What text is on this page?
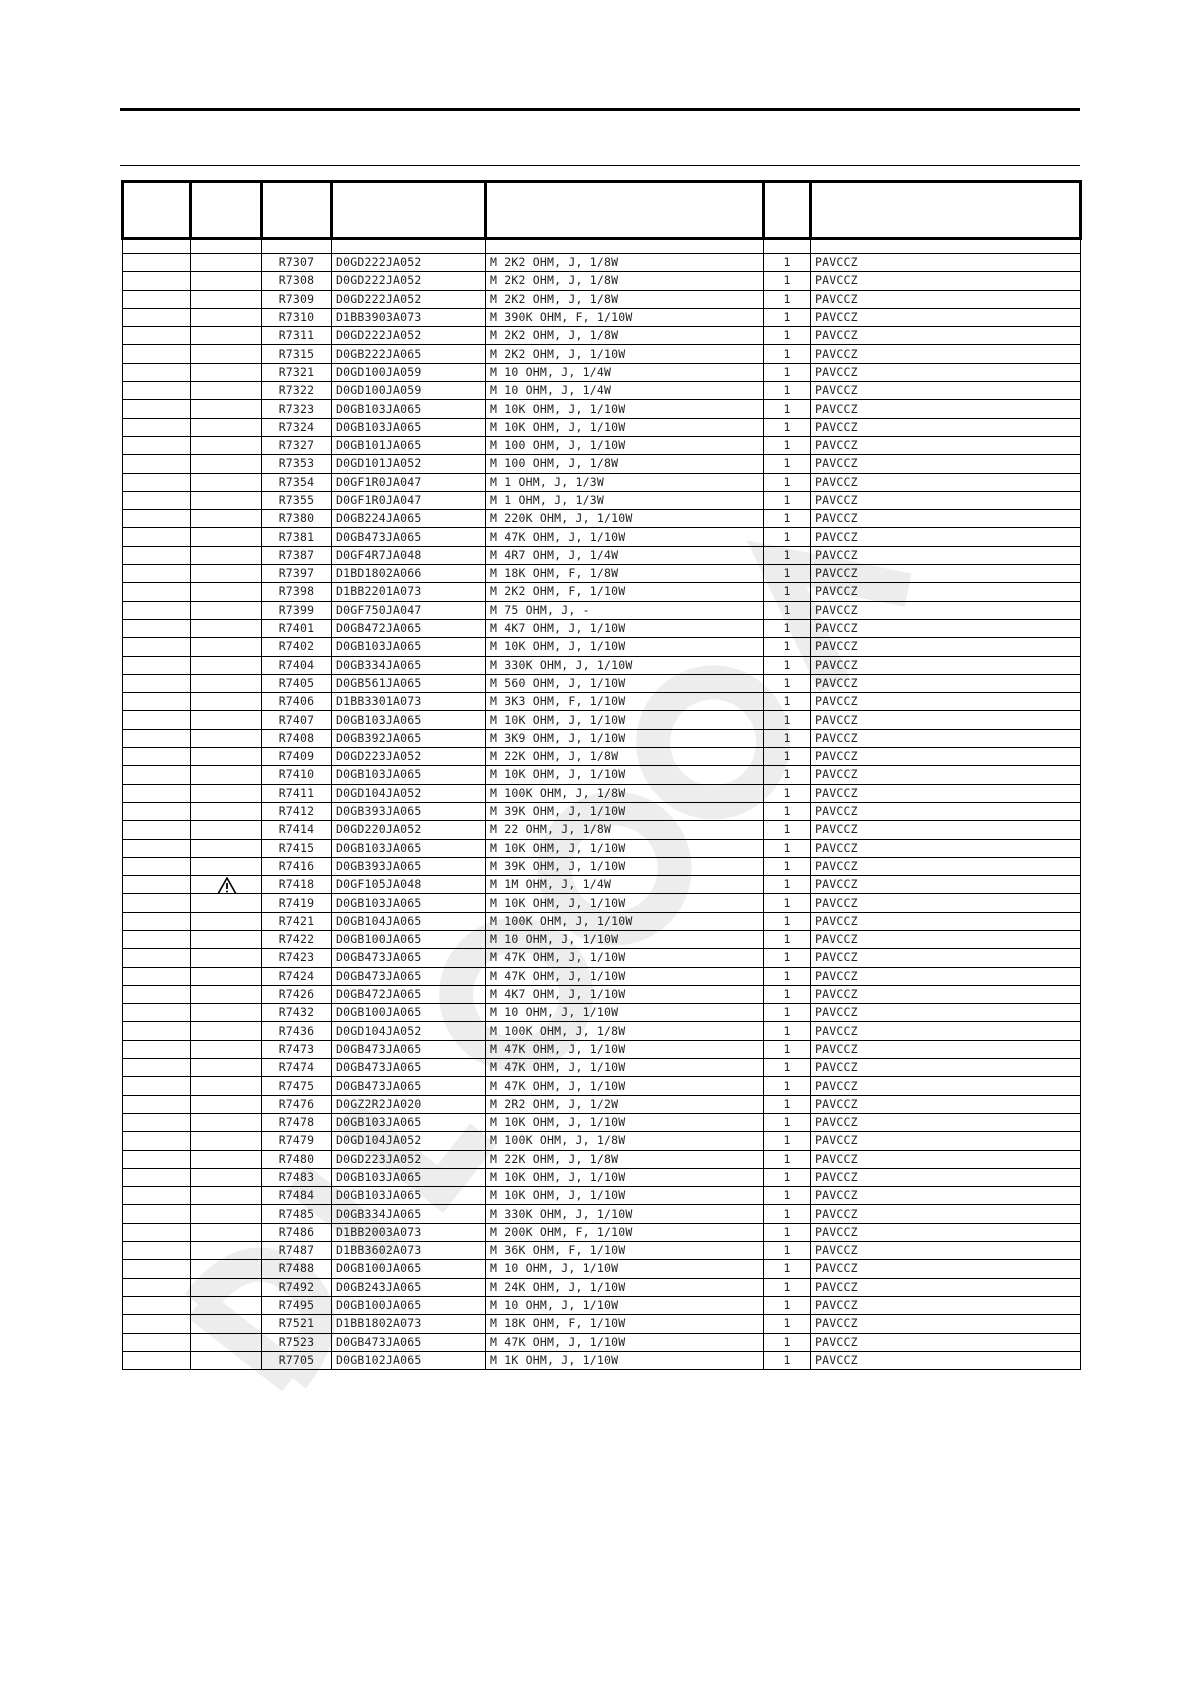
		R7307	D0GD222JA052	M 2K2 OHM, J, 1/8W	1	PAVCCZ
		R7308	D0GD222JA052	M 2K2 OHM, J, 1/8W	1	PAVCCZ
		R7309	D0GD222JA052	M 2K2 OHM, J, 1/8W	1	PAVCCZ
		R7310	D1BB3903A073	M 390K OHM, F, 1/10W	1	PAVCCZ
		R7311	D0GD222JA052	M 2K2 OHM, J, 1/8W	1	PAVCCZ
		R7315	D0GB222JA065	M 2K2 OHM, J, 1/10W	1	PAVCCZ
		R7321	D0GD100JA059	M 10 OHM, J, 1/4W	1	PAVCCZ
		R7322	D0GD100JA059	M 10 OHM, J, 1/4W	1	PAVCCZ
		R7323	D0GB103JA065	M 10K OHM, J, 1/10W	1	PAVCCZ
		R7324	D0GB103JA065	M 10K OHM, J, 1/10W	1	PAVCCZ
		R7327	D0GB101JA065	M 100 OHM, J, 1/10W	1	PAVCCZ
		R7353	D0GD101JA052	M 100 OHM, J, 1/8W	1	PAVCCZ
		R7354	D0GF1R0JA047	M 1 OHM, J, 1/3W	1	PAVCCZ
		R7355	D0GF1R0JA047	M 1 OHM, J, 1/3W	1	PAVCCZ
		R7380	D0GB224JA065	M 220K OHM, J, 1/10W	1	PAVCCZ
		R7381	D0GB473JA065	M 47K OHM, J, 1/10W	1	PAVCCZ
		R7387	D0GF4R7JA048	M 4R7 OHM, J, 1/4W	1	PAVCCZ
		R7397	D1BD1802A066	M 18K OHM, F, 1/8W	1	PAVCCZ
		R7398	D1BB2201A073	M 2K2 OHM, F, 1/10W	1	PAVCCZ
		R7399	D0GF750JA047	M 75 OHM, J, -	1	PAVCCZ
		R7401	D0GB472JA065	M 4K7 OHM, J, 1/10W	1	PAVCCZ
		R7402	D0GB103JA065	M 10K OHM, J, 1/10W	1	PAVCCZ
		R7404	D0GB334JA065	M 330K OHM, J, 1/10W	1	PAVCCZ
		R7405	D0GB561JA065	M 560 OHM, J, 1/10W	1	PAVCCZ
		R7406	D1BB3301A073	M 3K3 OHM, F, 1/10W	1	PAVCCZ
		R7407	D0GB103JA065	M 10K OHM, J, 1/10W	1	PAVCCZ
		R7408	D0GB392JA065	M 3K9 OHM, J, 1/10W	1	PAVCCZ
		R7409	D0GD223JA052	M 22K OHM, J, 1/8W	1	PAVCCZ
		R7410	D0GB103JA065	M 10K OHM, J, 1/10W	1	PAVCCZ
		R7411	D0GD104JA052	M 100K OHM, J, 1/8W	1	PAVCCZ
		R7412	D0GB393JA065	M 39K OHM, J, 1/10W	1	PAVCCZ
		R7414	D0GD220JA052	M 22 OHM, J, 1/8W	1	PAVCCZ
		R7415	D0GB103JA065	M 10K OHM, J, 1/10W	1	PAVCCZ
		R7416	D0GB393JA065	M 39K OHM, J, 1/10W	1	PAVCCZ
		R7418	D0GF105JA048	M 1M OHM, J, 1/4W	1	PAVCCZ
		R7419	D0GB103JA065	M 10K OHM, J, 1/10W	1	PAVCCZ
		R7421	D0GB104JA065	M 100K OHM, J, 1/10W	1	PAVCCZ
		R7422	D0GB100JA065	M 10 OHM, J, 1/10W	1	PAVCCZ
		R7423	D0GB473JA065	M 47K OHM, J, 1/10W	1	PAVCCZ
		R7424	D0GB473JA065	M 47K OHM, J, 1/10W	1	PAVCCZ
		R7426	D0GB472JA065	M 4K7 OHM, J, 1/10W	1	PAVCCZ
		R7432	D0GB100JA065	M 10 OHM, J, 1/10W	1	PAVCCZ
		R7436	D0GD104JA052	M 100K OHM, J, 1/8W	1	PAVCCZ
		R7473	D0GB473JA065	M 47K OHM, J, 1/10W	1	PAVCCZ
		R7474	D0GB473JA065	M 47K OHM, J, 1/10W	1	PAVCCZ
		R7475	D0GB473JA065	M 47K OHM, J, 1/10W	1	PAVCCZ
		R7476	D0GZ2R2JA020	M 2R2 OHM, J, 1/2W	1	PAVCCZ
		R7478	D0GB103JA065	M 10K OHM, J, 1/10W	1	PAVCCZ
		R7479	D0GD104JA052	M 100K OHM, J, 1/8W	1	PAVCCZ
		R7480	D0GD223JA052	M 22K OHM, J, 1/8W	1	PAVCCZ
		R7483	D0GB103JA065	M 10K OHM, J, 1/10W	1	PAVCCZ
		R7484	D0GB103JA065	M 10K OHM, J, 1/10W	1	PAVCCZ
		R7485	D0GB334JA065	M 330K OHM, J, 1/10W	1	PAVCCZ
		R7486	D1BB2003A073	M 200K OHM, F, 1/10W	1	PAVCCZ
		R7487	D1BB3602A073	M 36K OHM, F, 1/10W	1	PAVCCZ
		R7488	D0GB100JA065	M 10 OHM, J, 1/10W	1	PAVCCZ
		R7492	D0GB243JA065	M 24K OHM, J, 1/10W	1	PAVCCZ
		R7495	D0GB100JA065	M 10 OHM, J, 1/10W	1	PAVCCZ
		R7521	D1BB1802A073	M 18K OHM, F, 1/10W	1	PAVCCZ
		R7523	D0GB473JA065	M 47K OHM, J, 1/10W	1	PAVCCZ
		R7705	D0GB102JA065	M 1K OHM, J, 1/10W	1	PAVCCZ
